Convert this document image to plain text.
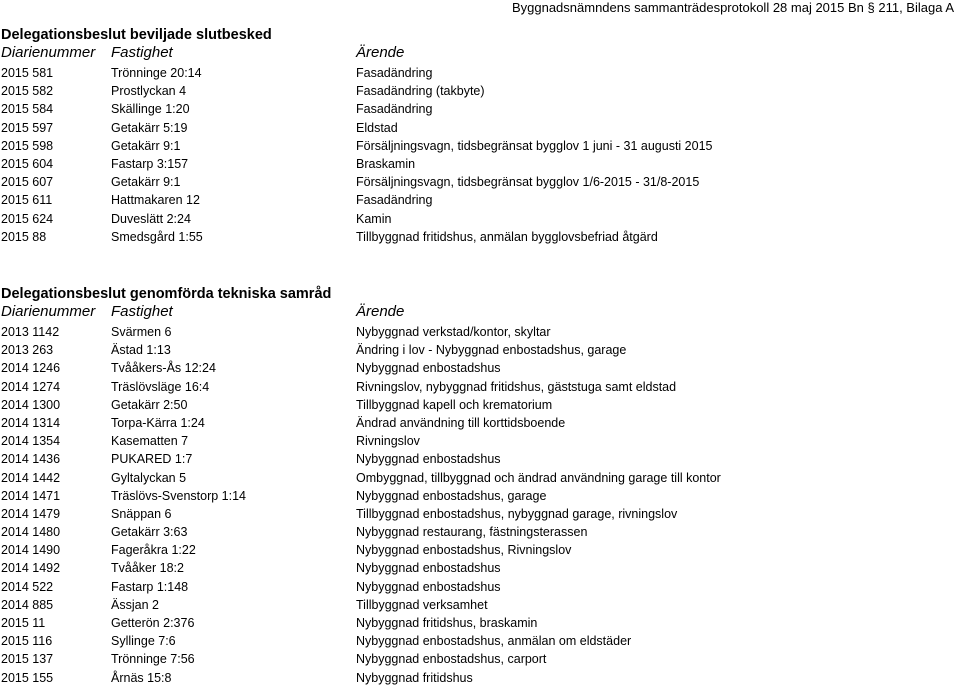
Byggnadsnämndens sammanträdesprotokoll 28 maj 2015 Bn § 211, Bilaga A
Delegationsbeslut beviljade slutbesked
Diarienummer Fastighet	Ärende
2015 581	Trönninge 20:14	Fasadändring
2015 582	Prostlyckan 4	Fasadändring (takbyte)
2015 584	Skällinge 1:20	Fasadändring
2015 597	Getakärr 5:19	Eldstad
2015 598	Getakärr 9:1	Försäljningsvagn, tidsbegränsat bygglov 1 juni - 31 augusti 2015
2015 604	Fastarp 3:157	Braskamin
2015 607	Getakärr 9:1	Försäljningsvagn, tidsbegränsat bygglov 1/6-2015 - 31/8-2015
2015 611	Hattmakaren 12	Fasadändring
2015 624	Duveslätt 2:24	Kamin
2015 88	Smedsgård 1:55	Tillbyggnad fritidshus, anmälan bygglovsbefriad åtgärd
Delegationsbeslut genomförda tekniska samråd
Diarienummer Fastighet	Ärende
2013 1142	Svärmen 6	Nybyggnad verkstad/kontor, skyltar
2013 263	Ästad 1:13	Ändring i lov - Nybyggnad enbostadshus, garage
2014 1246	Tvååkers-Ås 12:24	Nybyggnad enbostadshus
2014 1274	Träslövsläge 16:4	Rivningslov, nybyggnad fritidshus, gäststuga samt eldstad
2014 1300	Getakärr 2:50	Tillbyggnad kapell och krematorium
2014 1314	Torpa-Kärra 1:24	Ändrad användning till korttidsboende
2014 1354	Kasematten 7	Rivningslov
2014 1436	PUKARED 1:7	Nybyggnad enbostadshus
2014 1442	Gyltalyckan 5	Ombyggnad, tillbyggnad och ändrad användning garage till kontor
2014 1471	Träslövs-Svenstorp 1:14	Nybyggnad enbostadshus, garage
2014 1479	Snäppan 6	Tillbyggnad enbostadshus, nybyggnad garage, rivningslov
2014 1480	Getakärr 3:63	Nybyggnad restaurang, fästningsterassen
2014 1490	Fageråkra 1:22	Nybyggnad enbostadshus, Rivningslov
2014 1492	Tvååker 18:2	Nybyggnad enbostadshus
2014 522	Fastarp 1:148	Nybyggnad enbostadshus
2014 885	Ässjan 2	Tillbyggnad verksamhet
2015 11	Getterön 2:376	Nybyggnad fritidshus, braskamin
2015 116	Syllinge 7:6	Nybyggnad enbostadshus, anmälan om eldstäder
2015 137	Trönninge 7:56	Nybyggnad enbostadshus, carport
2015 155	Årnäs 15:8	Nybyggnad fritidshus
